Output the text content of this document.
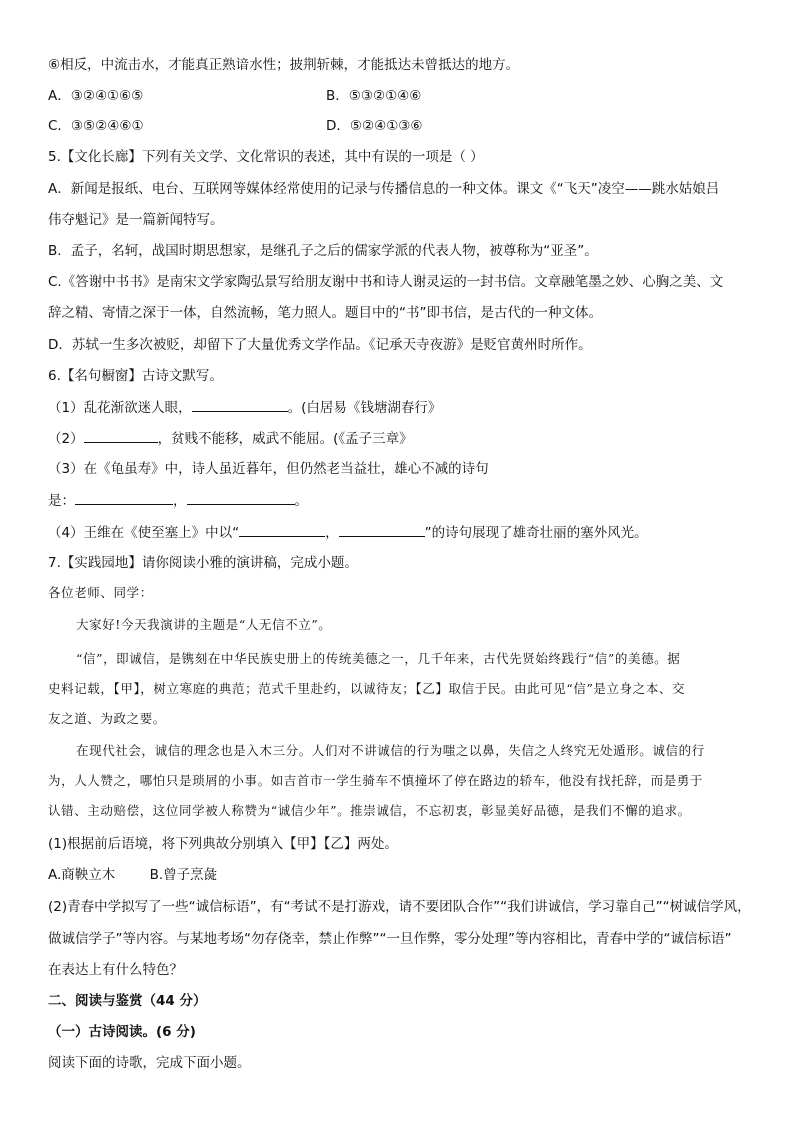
⑥相反，中流击水，才能真正熟谙水性；披荆斩棘，才能抵达未曾抵达的地方。
A．③②④①⑥⑤	B．⑤③②①④⑥
C．③⑤②④⑥①	D．⑤②④①③⑥
5.【文化长廊】下列有关文学、文化常识的表述，其中有误的一项是（ ）
A．新闻是报纸、电台、互联网等媒体经常使用的记录与传播信息的一种文体。课文《“飞天”凌空——跳水姑娘吕
伟夺魁记》是一篇新闻特写。
B．孟子，名轲，战国时期思想家，是继孔子之后的儒家学派的代表人物，被尊称为“亚圣”。
C.《答谢中书书》是南宋文学家陶弘景写给朋友谢中书和诗人谢灵运的一封书信。文章融笔墨之妙、心胸之美、文
辞之精、寄情之深于一体，自然流畅，笔力照人。题目中的“书”即书信，是古代的一种文体。
D．苏轼一生多次被贬，却留下了大量优秀文学作品。《记承天寺夜游》是贬官黄州时所作。
6.【名句橱窗】古诗文默写。
（1）乱花渐欲迷人眼，	。(白居易《钱塘湖春行》
（2）	，贫贱不能移，威武不能屈。(《孟子三章》
（3）在《龟虽寿》中，诗人虽近暮年，但仍然老当益壮，雄心不减的诗句
是：	，	。
（4）王维在《使至塞上》中以“	，	”的诗句展现了雄奇壮丽的塞外风光。
7.【实践园地】请你阅读小雅的演讲稿，完成小题。
各位老师、同学：
大家好!今天我演讲的主题是“人无信不立”。
“信”，即诚信，是镌刻在中华民族史册上的传统美德之一，几千年来，古代先贤始终践行“信”的美德。据
史料记载，【甲】，树立寒庭的典范；范式千里赴约，以诚待友；【乙】取信于民。由此可见“信”是立身之本、交
友之道、为政之要。
在现代社会，诚信的理念也是入木三分。人们对不讲诚信的行为嗤之以鼻，失信之人终究无处遁形。诚信的行
为，人人赞之，哪怕只是琐屑的小事。如吉首市一学生骑车不慎撞坏了停在路边的轿车，他没有找托辞，而是勇于
认错、主动赔偿，这位同学被人称赞为“诚信少年”。推崇诚信，不忘初衷，彰显美好品德，是我们不懈的追求。
(1)根据前后语境，将下列典故分别填入【甲】【乙】两处。
A.商鞅立木        B.曾子烹彘
(2)青春中学拟写了一些“诚信标语”，有“考试不是打游戏，请不要团队合作”“我们讲诚信，学习靠自己”“树诚信学风，
做诚信学子”等内容。与某地考场“勿存侥幸，禁止作弊”“一旦作弊，零分处理”等内容相比，青春中学的“诚信标语”
在表达上有什么特色？
二、阅读与鉴赏（44 分）
（一）古诗阅读。(6 分)
阅读下面的诗歌，完成下面小题。
